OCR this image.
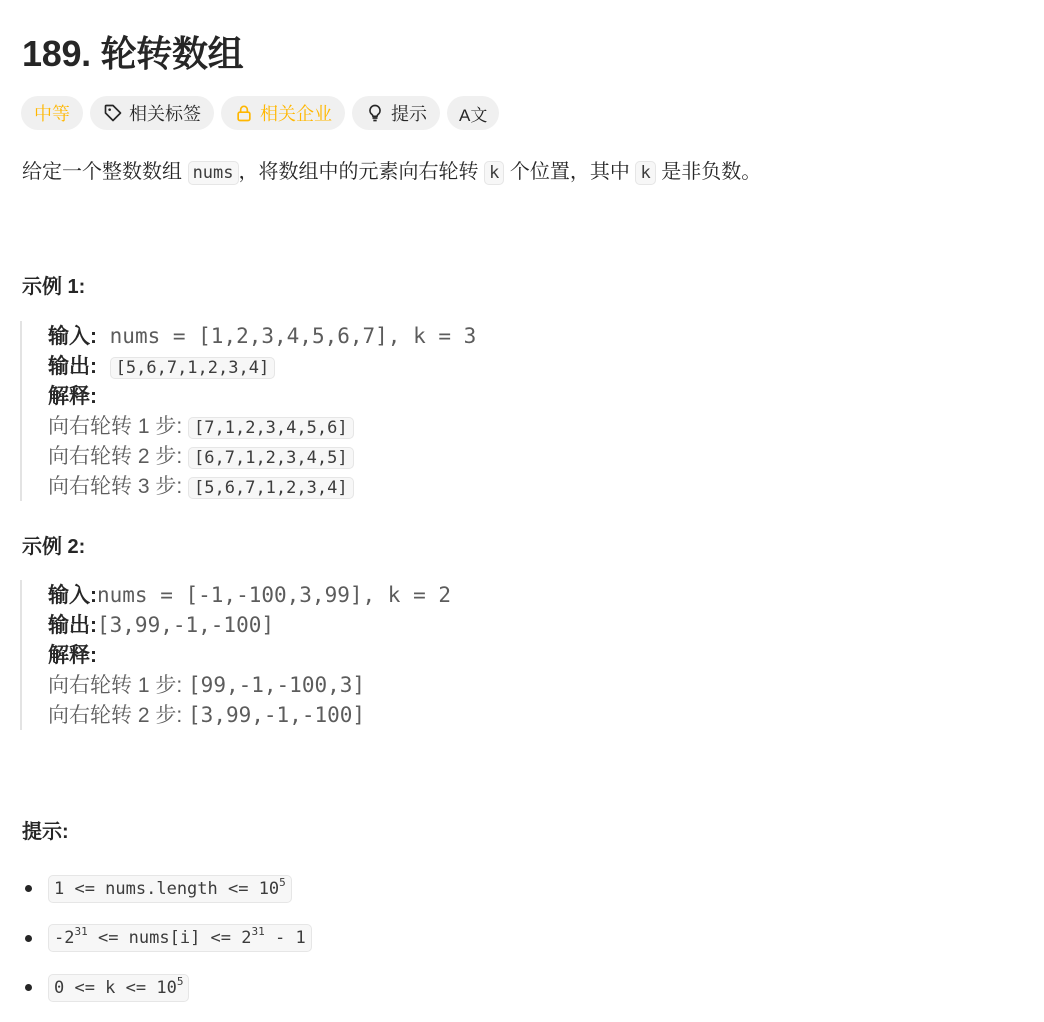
189. 轮转数组
中等	相关标签	相关企业	提示 A文
给定一个整数数组 nums ，将数组中的元素向右轮转 k 个位置，其中 k 是非负数。
示例 1:
输入: nums = [1,2,3,4,5,6,7], k = 3
输出: [5,6,7,1,2,3,4]
解释:
向右轮转 1 步: [7,1,2,3,4,5,6]
向右轮转 2 步: [6,7,1,2,3,4,5]
向右轮转 3 步: [5,6,7,1,2,3,4]
示例 2:
输入:nums = [-1,-100,3,99], k = 2
输出:[3,99,-1,-100]
解释:
向右轮转 1 步: [99,-1,-100,3]
向右轮转 2 步: [3,99,-1,-100]
提示:
1 <= nums.length <= $10^5$
$-2^{31}$ <= nums[i] <= $2^{31} - 1$
$0 <= k <= 10^5$
